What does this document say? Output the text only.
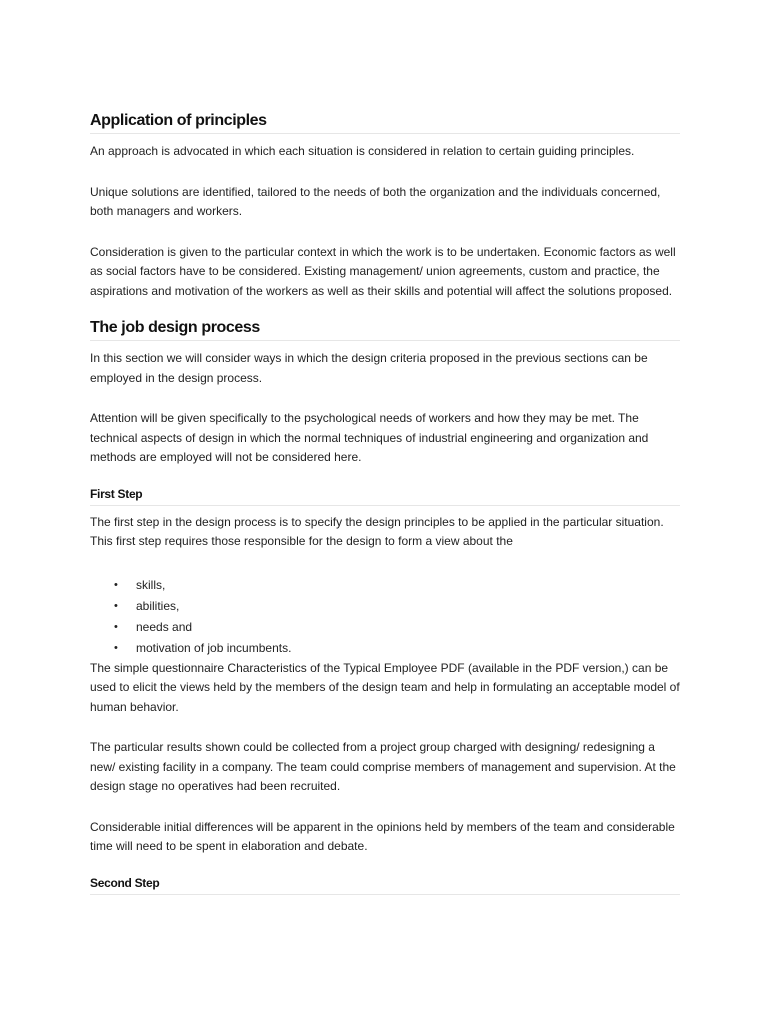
Application of principles

An approach is advocated in which each situation is considered in relation to certain guiding principles.

Unique solutions are identified, tailored to the needs of both the organization and the individuals concerned, both managers and workers.

Consideration is given to the particular context in which the work is to be undertaken. Economic factors as well as social factors have to be considered. Existing management/ union agreements, custom and practice, the aspirations and motivation of the workers as well as their skills and potential will affect the solutions proposed.

The job design process

In this section we will consider ways in which the design criteria proposed in the previous sections can be employed in the design process.

Attention will be given specifically to the psychological needs of workers and how they may be met. The technical aspects of design in which the normal techniques of industrial engineering and organization and methods are employed will not be considered here.

First Step

The first step in the design process is to specify the design principles to be applied in the particular situation. This first step requires those responsible for the design to form a view about the

• skills,
• abilities,
• needs and
• motivation of job incumbents.

The simple questionnaire Characteristics of the Typical Employee PDF (available in the PDF version,) can be used to elicit the views held by the members of the design team and help in formulating an acceptable model of human behavior.

The particular results shown could be collected from a project group charged with designing/ redesigning a new/ existing facility in a company. The team could comprise members of management and supervision. At the design stage no operatives had been recruited.

Considerable initial differences will be apparent in the opinions held by members of the team and considerable time will need to be spent in elaboration and debate.

Second Step
